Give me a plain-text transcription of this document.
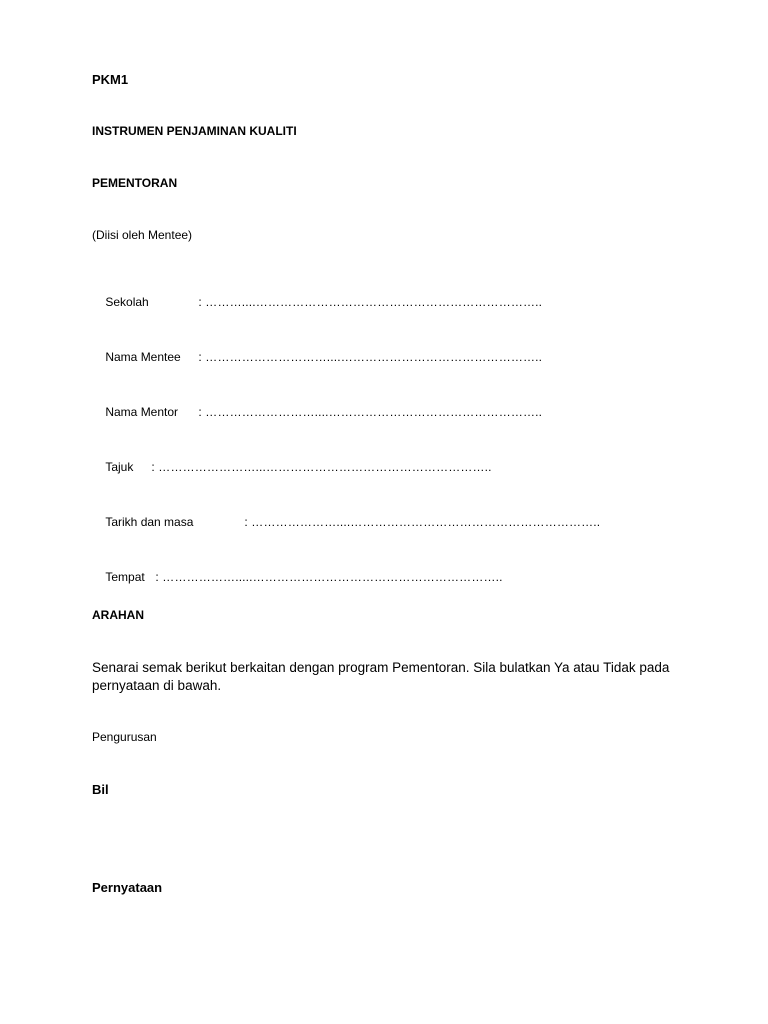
PKM1
INSTRUMEN PENJAMINAN KUALITI
PEMENTORAN
(Diisi oleh Mentee)

Sekolah	: ………....……………………………………………………………..

Nama Mentee : …………………………....…………………………………………..

Nama Mentor : ………………………....……………………………………………..

Tajuk : ……………………...………………………………………………..

Tarikh dan masa	: …………………....……………………………………………………..

Tempat : ……………….....……………………………………………………..

ARAHAN
Senarai semak berikut berkaitan dengan program Pementoran. Sila bulatkan Ya atau Tidak pada pernyataan di bawah.
Pengurusan
Bil
Pernyataan
